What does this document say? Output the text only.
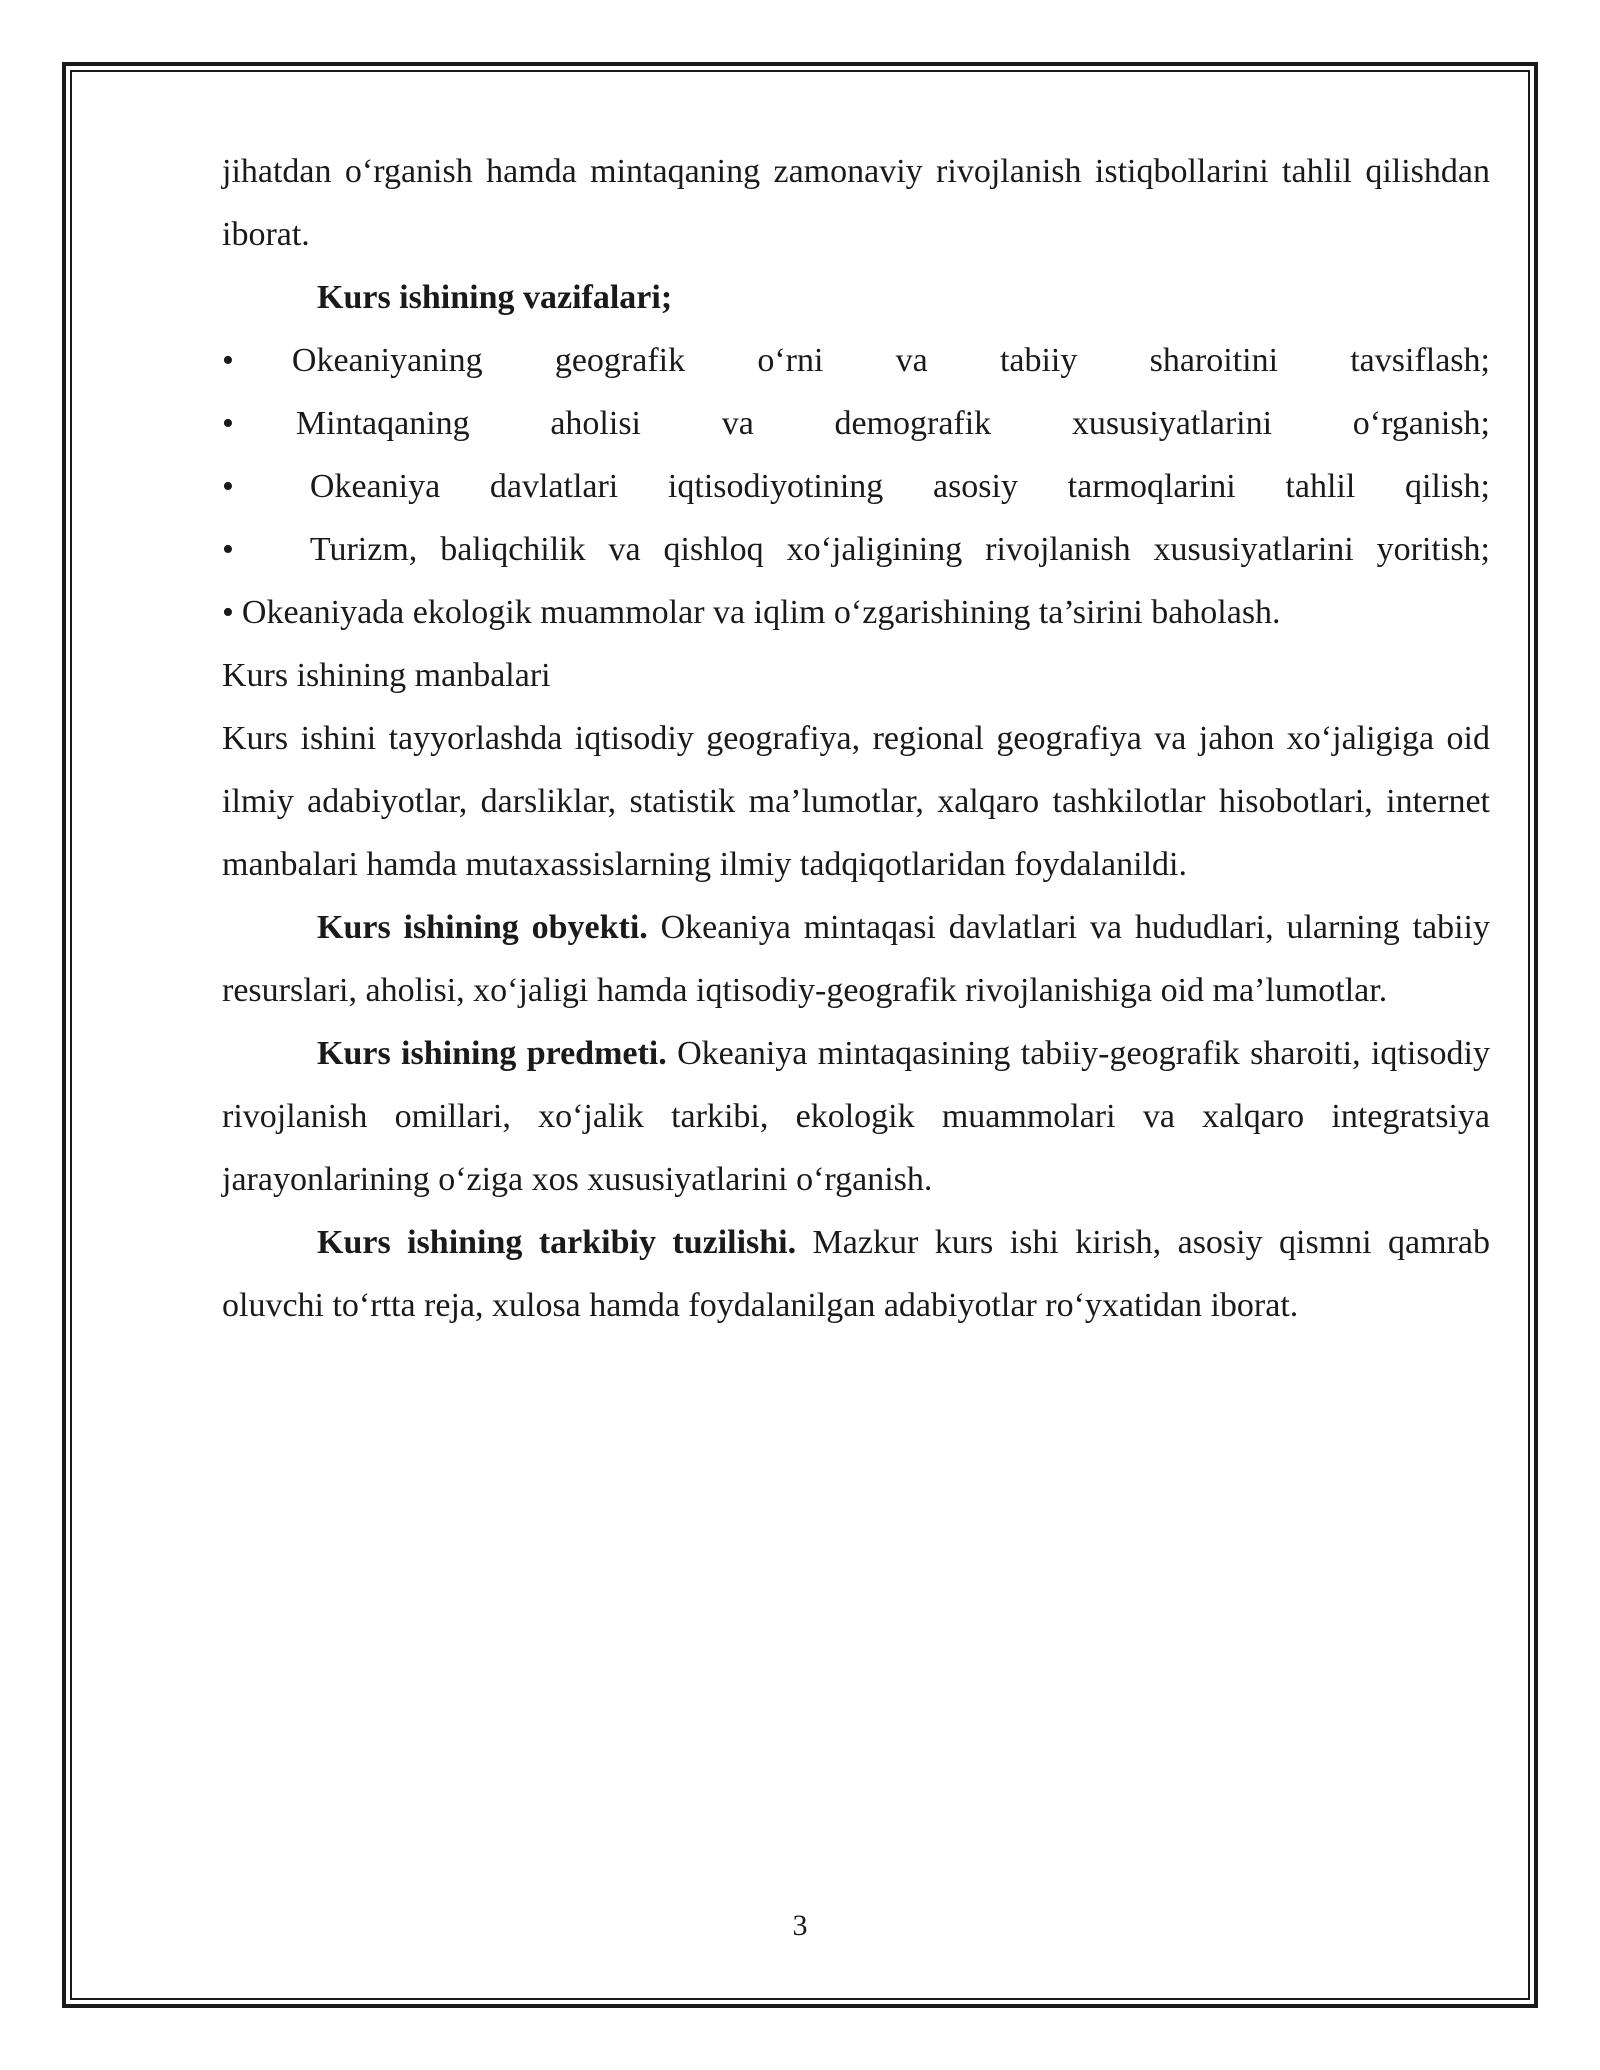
jihatdan o‘rganish hamda mintaqaning zamonaviy rivojlanish istiqbollarini tahlil qilishdan iborat.

Kurs ishining vazifalari;

• Okeaniyaning geografik o‘rni va tabiiy sharoitini tavsiflash;
• Mintaqaning aholisi va demografik xususiyatlarini o‘rganish;
• Okeaniya davlatlari iqtisodiyotining asosiy tarmoqlarini tahlil qilish;
• Turizm, baliqchilik va qishloq xo‘jaligining rivojlanish xususiyatlarini yoritish;
• Okeaniyada ekologik muammolar va iqlim o‘zgarishining ta’sirini baholash.

Kurs ishining manbalari

Kurs ishini tayyorlashda iqtisodiy geografiya, regional geografiya va jahon xo‘jaligiga oid ilmiy adabiyotlar, darsliklar, statistik ma’lumotlar, xalqaro tashkilotlar hisobotlari, internet manbalari hamda mutaxassislarning ilmiy tadqiqotlaridan foydalanildi.

Kurs ishining obyekti. Okeaniya mintaqasi davlatlari va hududlari, ularning tabiiy resurslari, aholisi, xo‘jaligi hamda iqtisodiy-geografik rivojlanishiga oid ma’lumotlar.

Kurs ishining predmeti. Okeaniya mintaqasining tabiiy-geografik sharoiti, iqtisodiy rivojlanish omillari, xo‘jalik tarkibi, ekologik muammolari va xalqaro integratsiya jarayonlarining o‘ziga xos xususiyatlarini o‘rganish.

Kurs ishining tarkibiy tuzilishi. Mazkur kurs ishi kirish, asosiy qismni qamrab oluvchi to‘rtta reja, xulosa hamda foydalanilgan adabiyotlar ro‘yxatidan iborat.

3
